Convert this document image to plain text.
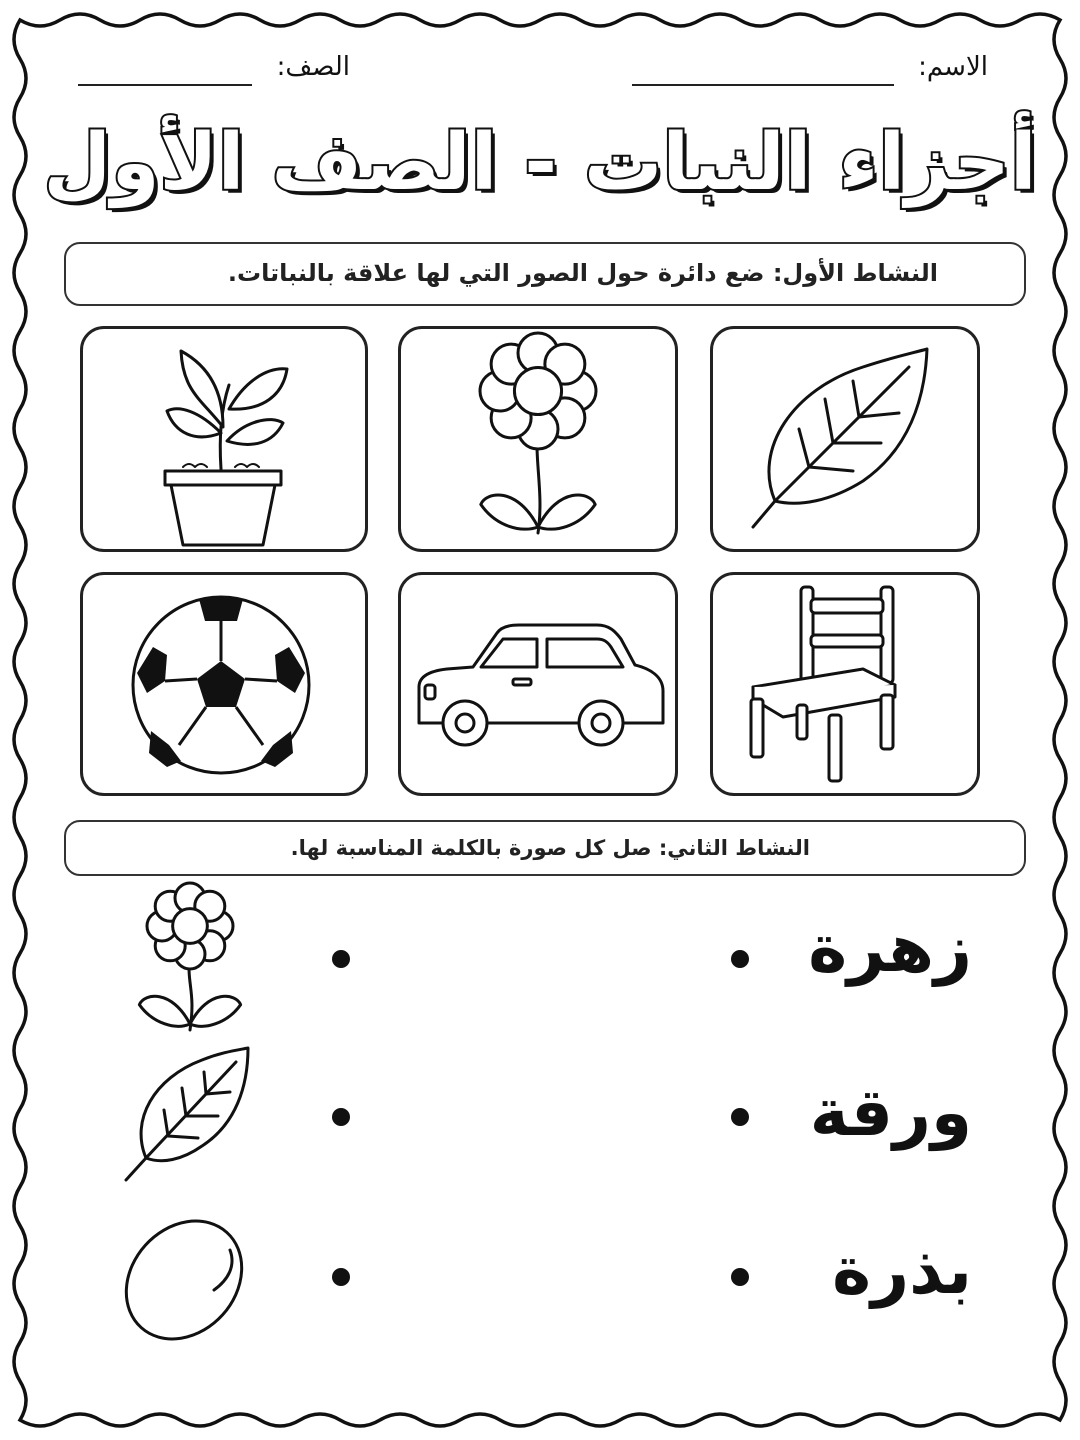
الاسم:
الصف:
أجزاء النبات - الصف الأول
النشاط الأول: ضع دائرة حول الصور التي لها علاقة بالنباتات.
النشاط الثاني: صل كل صورة بالكلمة المناسبة لها.
زهرة
ورقة
بذرة
